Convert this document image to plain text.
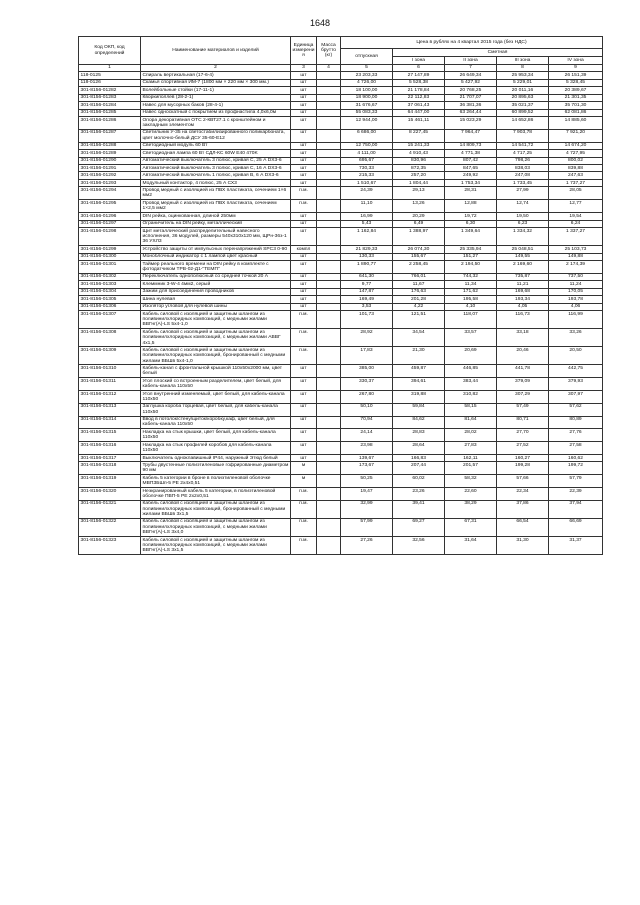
1648
Код ОКП, код определений	Наименование материалов и изделий	Единица измерения	Масса брутто (кг)	Цена в рублях на 4 квартал 2015 года (без НДС)				
				отпускная	Сметная			
					I зона	II зона	III зона	IV зона
1	2	3	4	5	6	7	8	9
118-0125	Спираль вертикальная (17-6-4)	шт		23 203,33	27 147,89	26 649,34	25 953,34	26 151,39
118-0126	Скамья спортивная ИМ-7 (1800 мм × 220 мм × 300 мм.)	шт		4 726,00	5 528,38	5 427,92	5 229,01	5 328,45
301-8156-01282	Волейбольные стойки (17-11-1)	шт		18 100,00	21 178,84	20 768,25	20 011,16	20 389,67
301-8156-01283	Кворкиполлев (28-2-1)	шт		18 900,00	22 112,83	21 707,07	20 895,63	21 301,35
301-8156-01284	Навес для мусорных баков (28-4-1)	шт		31 676,67	37 061,43	36 381,36	35 021,37	35 701,30
301-8156-01285	Навес односкатный с покрытием из профнастила 4,0х6,0м	шт		55 083,33	64 447,00	63 264,44	60 899,52	62 081,86
301-8156-01286	Опора декоративная ОТС 2-КВТ27.1 с кронштейном и закладным элементом	шт		12 944,00	15 461,11	15 023,29	14 652,86	14 885,60
301-8156-01287	Светильник У-35 на светостабилизированного поликарбоната, цвет молочно-белый ДСУ 35-60-Ε12	шт		6 686,00	8 227,45	7 964,47	7 903,78	7 921,20
301-8156-01288	Светодиодный модуль 60 Вт	шт		12 750,00	15 241,33	14 809,73	14 541,72	14 674,20
301-8156-01289	Светодиодная лампа 60 Вт СДЛ-КС 60W E40 470K	шт		4 111,00	4 910,43	4 771,38	4 717,25	4 727,95
301-8156-01290	Автоматический выключатель 3 полюс, кривая С, 25 А DX3-6	шт		695,67	830,96	807,42	798,26	800,02
301-8156-01291	Автоматический выключатель 3 полюс, кривая С, 16 А DX3-6	шт		730,33	872,35	847,65	838,03	839,88
301-8156-01292	Автоматический выключатель 1 полюс, кривая В, 6 А DX3-6	шт		215,33	257,20	249,92	247,08	247,63
301-8156-01293	Модульный контактор, 4 полюс, 25 А СХ3	шт		1 510,67	1 804,44	1 753,34	1 733,45	1 737,27
301-8156-01294	Провод медный с изоляцией из ПВХ пластиката, сечением 1×6 мм2	п.м.		24,39	29,13	28,31	27,99	28,05
301-8156-01295	Провод медный с изоляцией из ПВХ пластиката, сечением 1×2,5 мм2	п.м.		11,10	13,26	12,88	12,74	12,77
301-8156-01296	DIN рейка, оцинкованная, длиной 250мм	шт		16,99	20,29	19,72	19,50	19,54
301-8156-01297	Ограничитель на DIN рейку, металлический	шт		5,43	6,49	6,30	6,23	6,24
301-8156-01298	Щит металлический распределительный навесного исполнения, 36 модулей, размеры 540х310х120 мм, ЩРн-36з-1 36 УХЛ3	шт		1 162,84	1 388,97	1 349,64	1 334,32	1 337,27
301-8156-01299	Устройство защиты от импульсных перенапряжений SPC3 0-90	компл		21 829,33	26 074,30	25 335,94	25 048,51	25 103,73
301-8156-01300	Моноблочный индикатор с 1 лампой цвет красный	шт		130,33	155,67	151,27	149,55	149,88
301-8156-01301	Таймер реального времени на DIN рейку в комплекте с фотодатчиком ТРВ-02-Д1-"ТЕМП"	шт		1 890,77	2 258,45	2 194,50	2 169,60	2 174,39
301-8156-01302	Переключатель однополюсный со средней точкой 20 А	шт		641,30	766,01	744,32	735,87	737,50
301-8156-01303	Клеммник 3-W-4 4мм2, серый	шт		9,77	11,67	11,34	11,21	11,24
301-8156-01304	Зажим для присоединения проводников	шт		147,87	176,63	171,62	169,68	170,05
301-8156-01305	Шина нулевая	шт		169,49	201,28	195,58	193,34	193,78
301-8156-01306	Изолятор угловой для нулевой шины	шт		3,53	4,22	4,10	4,05	4,06
301-8156-01307	Кабель силовой с изоляцией и защитным шлангом из поливинилхлоридных композиций, с медными жилами ВВГнг(А)-LS 5х4-1,0	п.м.		101,73	121,51	118,07	116,73	116,99
301-8156-01308	Кабель силовой с изоляцией и защитным шлангом из поливинилхлоридных композиций, с медными жилами АВВГ 4х1,5	п.м.		28,92	34,54	33,57	33,18	33,26
301-8156-01309	Кабель силовой с изоляцией и защитным шлангом из поливинилхлоридных композиций, бронированный с медными жилами ВБШв 5х4-1,0	п.м.		17,83	21,30	20,69	20,46	20,50
301-8156-01310	Кабель-канал с фронтальной крышкой 110х50х2000 мм, цвет белый	шт		385,00	459,87	446,85	441,78	442,75
301-8156-01311	Угол плоский со встроенным разделителем, цвет белый, для кабель-канала 110х50	шт		330,37	394,61	383,44	379,09	379,93
301-8156-01312	Угол внутренний изменяемый, цвет белый, для кабель-канала 110х50	шт		267,80	319,88	310,82	307,29	307,97
301-8156-01313	Заглушка короба торцевая, цвет белый, для кабель-канала 110х50	шт		50,10	59,84	58,15	57,49	57,62
301-8156-01314	Ввод в потолок/стену/щиток/коробку,каф, цвет белый, для кабель-канала 110х50	шт		70,94	84,62	81,64	80,71	80,89
301-8156-01315	Накладка на стык крышки, цвет белый, для кабель-канала 110х50	шт		24,14	28,83	28,02	27,70	27,76
301-8156-01316	Накладка на стык профилей коробов для кабель-канала 110х50	шт		23,98	28,64	27,83	27,52	27,58
301-8156-01317	Выключатель одноклавишный IP44, наружный Этюд белый	шт		139,67	166,83	162,11	160,27	160,62
301-8156-01318	Трубы двустенные полиэтиленовые гофрированные диаметром 90 мм	м		173,67	207,44	201,57	199,28	199,72
301-8156-01319	Кабель 5 категории в броне в полиэтиленовой оболочке МВПЗБШп-5 PE 2х4х0,51	м		50,25	60,02	58,32	57,66	57,79
301-8156-01320	Неэкранированный кабель 5 категории, в полиэтиленовой оболочке ПВП-5 PE 2х2х0,51	п.м.		19,47	23,26	22,60	22,34	22,39
301-8156-01321	Кабель силовой с изоляцией и защитным шлангом из поливинилхлоридных композиций, бронированный с медными жилами ВБШв 3х1,5	п.м.		32,99	39,41	38,29	37,86	37,94
301-8156-01322	Кабель силовой с изоляцией и защитным шлангом из поливинилхлоридных композиций, с медными жилами ВВГнг(А)-LS 3х4,0	п.м.		57,99	69,27	67,31	66,54	66,69
301-8156-01323	Кабель силовой с изоляцией и защитным шлангом из поливинилхлоридных композиций, с медными жилами ВВГнг(А)-LS 3х1,5	п.м.		27,26	32,56	31,64	31,30	31,37
